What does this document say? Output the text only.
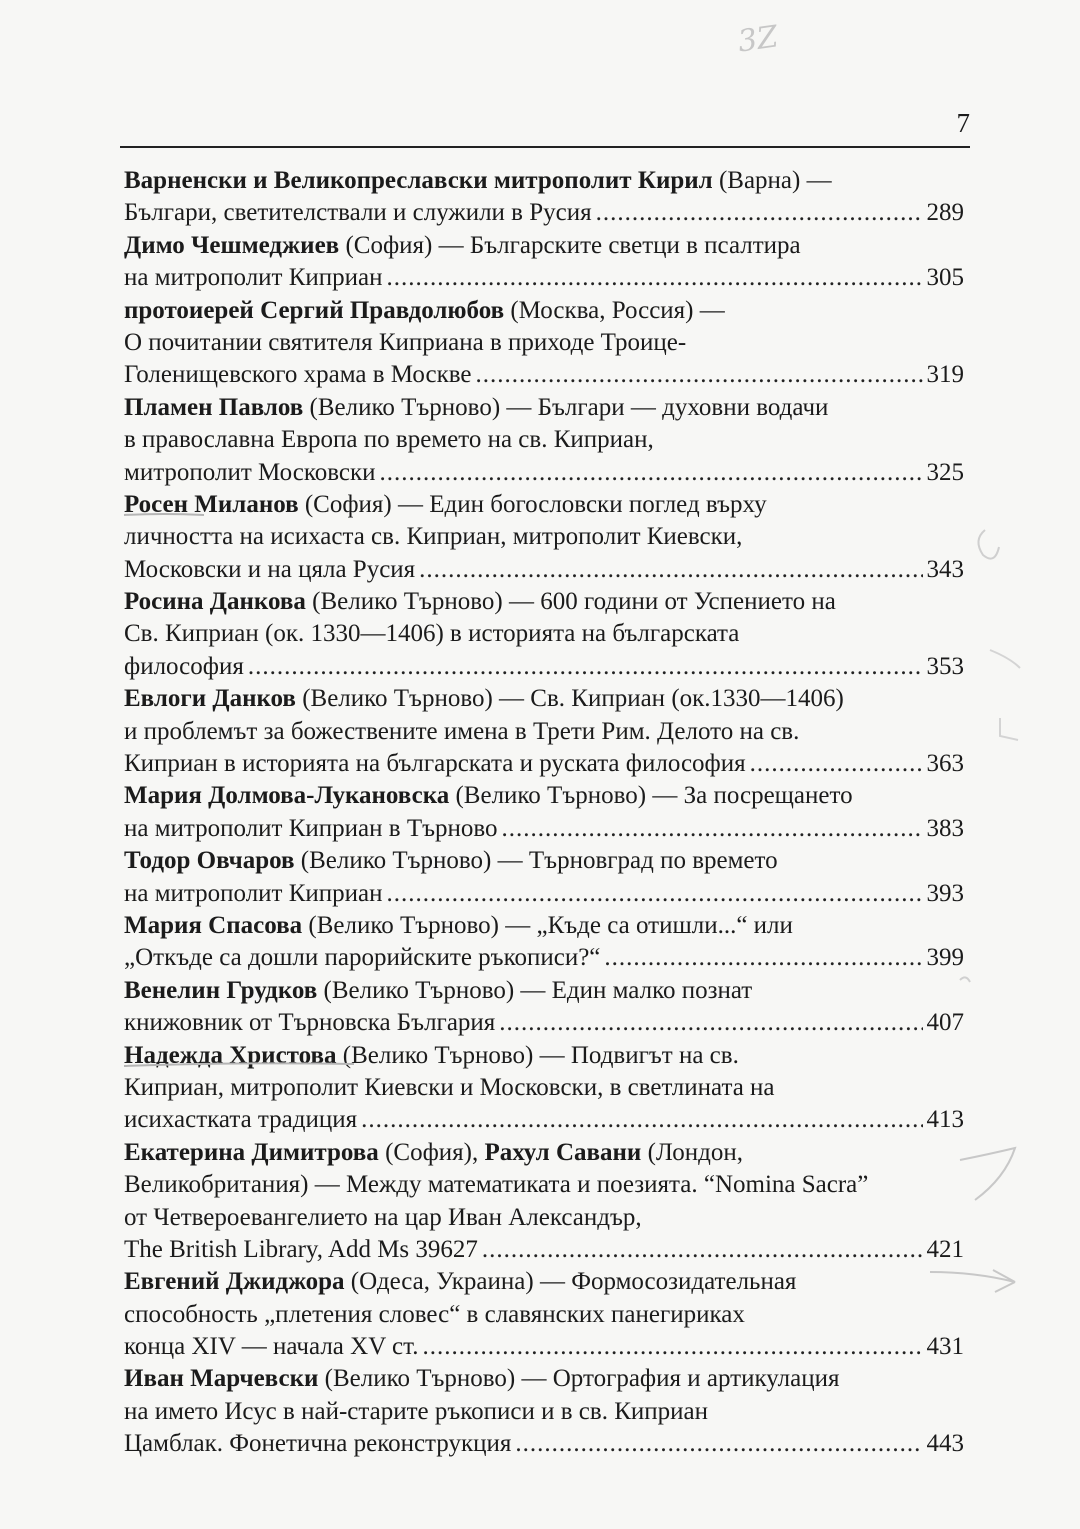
3Z
7
Варненски и Великопреславски митрополит Кирил (Варна) —
Българи, светителствали и служили в Русия .....	289
Димо Чешмеджиев (София) — Българските светци в псалтира
на митрополит Киприан .....	305
протоиерей Сергий Правдолюбов (Москва, Россия) —
О почитании святителя Киприана в приходе Троице-
Голенищевского храма в Москве .....	319
Пламен Павлов (Велико Търново) — Българи — духовни водачи
в православна Европа по времето на св. Киприан,
митрополит Московски .....	325
Росен Миланов (София) — Един богословски поглед върху
личността на исихаста св. Киприан, митрополит Киевски,
Московски и на цяла Русия .....	343
Росина Данкова (Велико Търново) — 600 години от Успението на
Св. Киприан (ок. 1330—1406) в историята на българската
философия .....	353
Евлоги Данков (Велико Търново) — Св. Киприан (ок.1330—1406)
и проблемът за божествените имена в Трети Рим. Делото на св.
Киприан в историята на българската и руската философия .....	363
Мария Долмова-Лукановска (Велико Търново) — За посрещането
на митрополит Киприан в Търново .....	383
Тодор Овчаров (Велико Търново) — Търновград по времето
на митрополит Киприан .....	393
Мария Спасова (Велико Търново) — „Къде са отишли...“ или
„Откъде са дошли парорийските ръкописи?“ .....	399
Венелин Грудков (Велико Търново) — Един малко познат
книжовник от Търновска България .....	407
Надежда Христова (Велико Търново) — Подвигът на св.
Киприан, митрополит Киевски и Московски, в светлината на
исихастката традиция .....	413
Екатерина Димитрова (София), Рахул Савани (Лондон,
Великобритания) — Между математиката и поезията. “Nomina Sacra”
от Четвероевангелието на цар Иван Александър,
The British Library, Add Ms 39627 .....	421
Евгений Джиджора (Одеса, Украина) — Формосозидательная
способность „плетения словес“ в славянских панегириках
конца XIV — начала XV ст. .....	431
Иван Марчевски (Велико Търново) — Ортография и артикулация
на името Исус в най-старите ръкописи и в св. Киприан
Цамблак. Фонетична реконструкция .....	443
